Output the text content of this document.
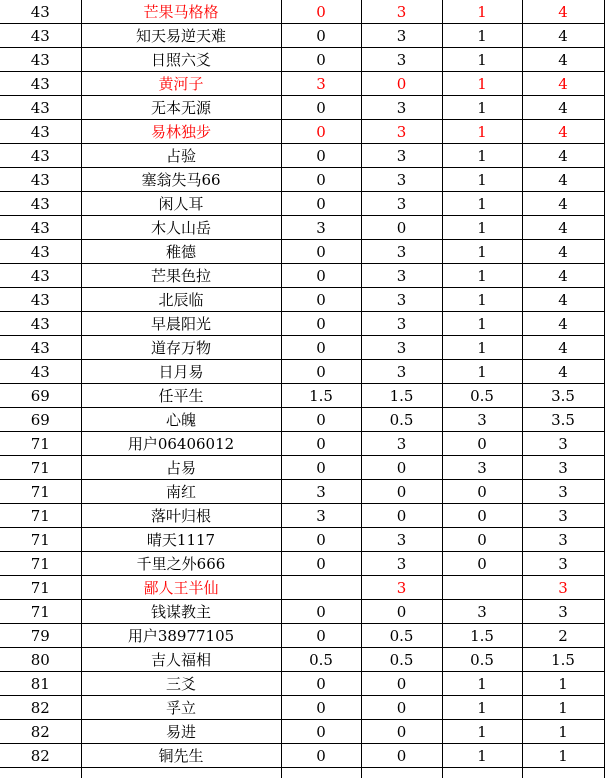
43	芒果马格格	0	3	1	4
43	知天易逆天难	0	3	1	4
43	日照六爻	0	3	1	4
43	黄河子	3	0	1	4
43	无本无源	0	3	1	4
43	易林独步	0	3	1	4
43	占验	0	3	1	4
43	塞翁失马66	0	3	1	4
43	闲人耳	0	3	1	4
43	木人山岳	3	0	1	4
43	稚德	0	3	1	4
43	芒果色拉	0	3	1	4
43	北辰临	0	3	1	4
43	早晨阳光	0	3	1	4
43	道存万物	0	3	1	4
43	日月易	0	3	1	4
69	任平生	1.5	1.5	0.5	3.5
69	心魄	0	0.5	3	3.5
71	用户06406012	0	3	0	3
71	占易	0	0	3	3
71	南红	3	0	0	3
71	落叶归根	3	0	0	3
71	晴天1117	0	3	0	3
71	千里之外666	0	3	0	3
71	鄙人王半仙		3		3
71	钱谋教主	0	0	3	3
79	用户38977105	0	0.5	1.5	2
80	吉人福相	0.5	0.5	0.5	1.5
81	三爻	0	0	1	1
82	孚立	0	0	1	1
82	易进	0	0	1	1
82	铜先生	0	0	1	1
